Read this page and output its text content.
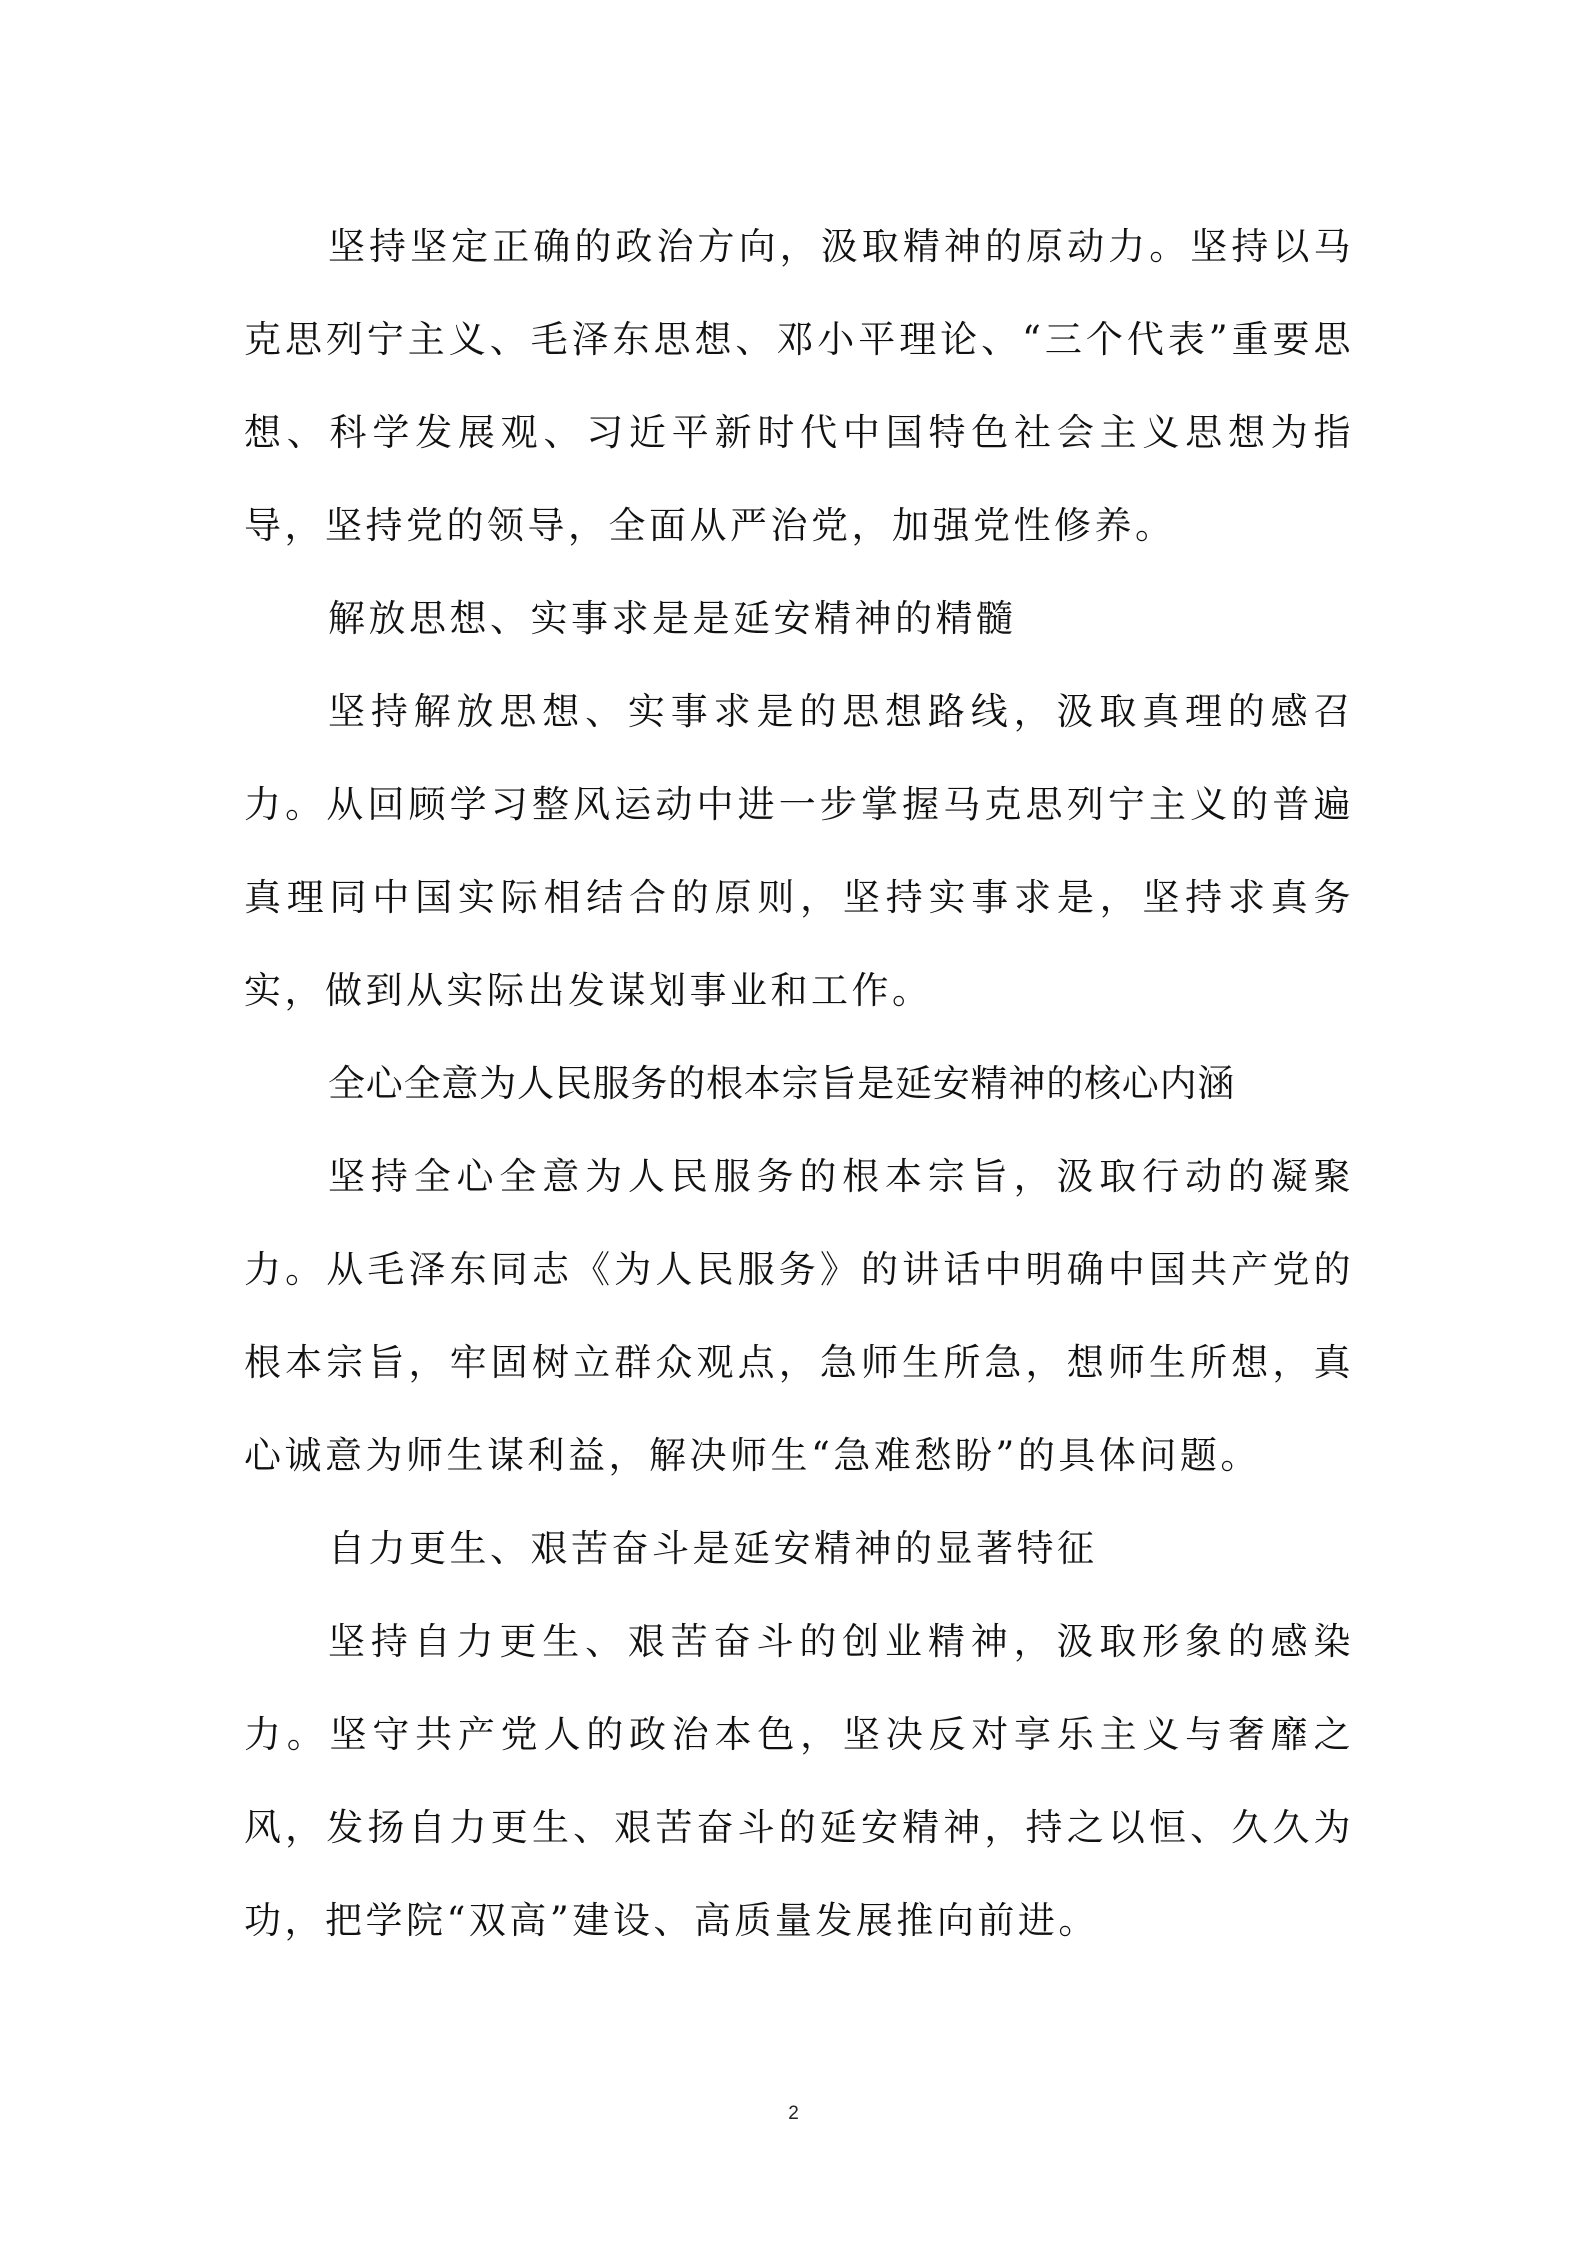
坚持坚定正确的政治方向，汲取精神的原动力。坚持以马克思列宁主义、毛泽东思想、邓小平理论、“三个代表”重要思想、科学发展观、习近平新时代中国特色社会主义思想为指导，坚持党的领导，全面从严治党，加强党性修养。

解放思想、实事求是是延安精神的精髓

坚持解放思想、实事求是的思想路线，汲取真理的感召力。从回顾学习整风运动中进一步掌握马克思列宁主义的普遍真理同中国实际相结合的原则，坚持实事求是，坚持求真务实，做到从实际出发谋划事业和工作。

全心全意为人民服务的根本宗旨是延安精神的核心内涵

坚持全心全意为人民服务的根本宗旨，汲取行动的凝聚力。从毛泽东同志《为人民服务》的讲话中明确中国共产党的根本宗旨，牢固树立群众观点，急师生所急，想师生所想，真心诚意为师生谋利益，解决师生“急难愁盼”的具体问题。

自力更生、艰苦奋斗是延安精神的显著特征

坚持自力更生、艰苦奋斗的创业精神，汲取形象的感染力。坚守共产党人的政治本色，坚决反对享乐主义与奢靡之风，发扬自力更生、艰苦奋斗的延安精神，持之以恒、久久为功，把学院“双高”建设、高质量发展推向前进。

2
